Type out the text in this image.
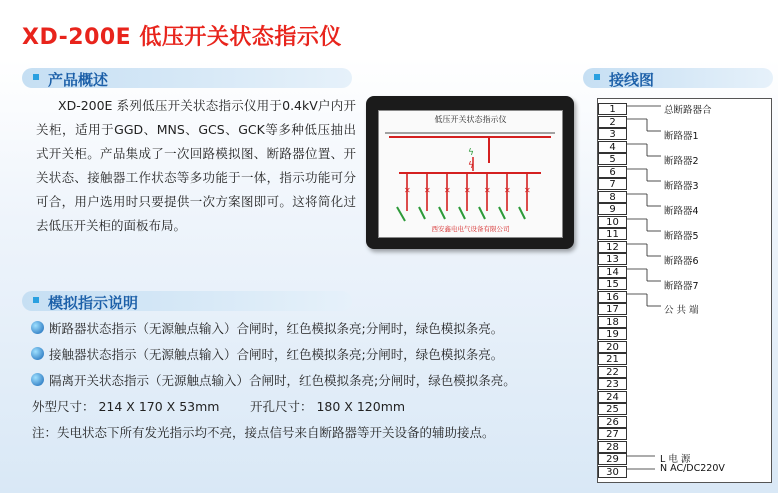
XD-200E 低压开关状态指示仪
产品概述	接线图
XD-200E 系列低压开关状态指示仪用于0.4kV户内开关柜，适用于GGD、MNS、GCS、GCK等多种低压抽出式开关柜。产品集成了一次回路模拟图、断路器位置、开关状态、接触器工作状态等多功能于一体，指示功能可分可合，用户选用时只要提供一次方案图即可。这将简化过去低压开关柜的面板布局。
低压开关状态指示仪
ϟ
ϟ
✕ ✕ ✕ ✕ ✕ ✕ ✕
西安鑫电电气设备有限公司
模拟指示说明
断路器状态指示（无源触点输入）合闸时，红色模拟条亮;分闸时，绿色模拟条亮。
接触器状态指示（无源触点输入）合闸时，红色模拟条亮;分闸时，绿色模拟条亮。
隔离开关状态指示（无源触点输入）合闸时，红色模拟条亮;分闸时，绿色模拟条亮。
外型尺寸： 214 X 170 X 53mm 开孔尺寸： 180 X 120mm
注：失电状态下所有发光指示均不亮，接点信号来自断路器等开关设备的辅助接点。
1
2
3
4
5
6
7
8
9
10
11
12
13
14
15
16
17
18
19
20
21
22
23
24
25
26
27
28
29
30
总断路器合
断路器1
断路器2
断路器3
断路器4
断路器5
断路器6
断路器7
公 共 端
L 电 源
N AC/DC220V
